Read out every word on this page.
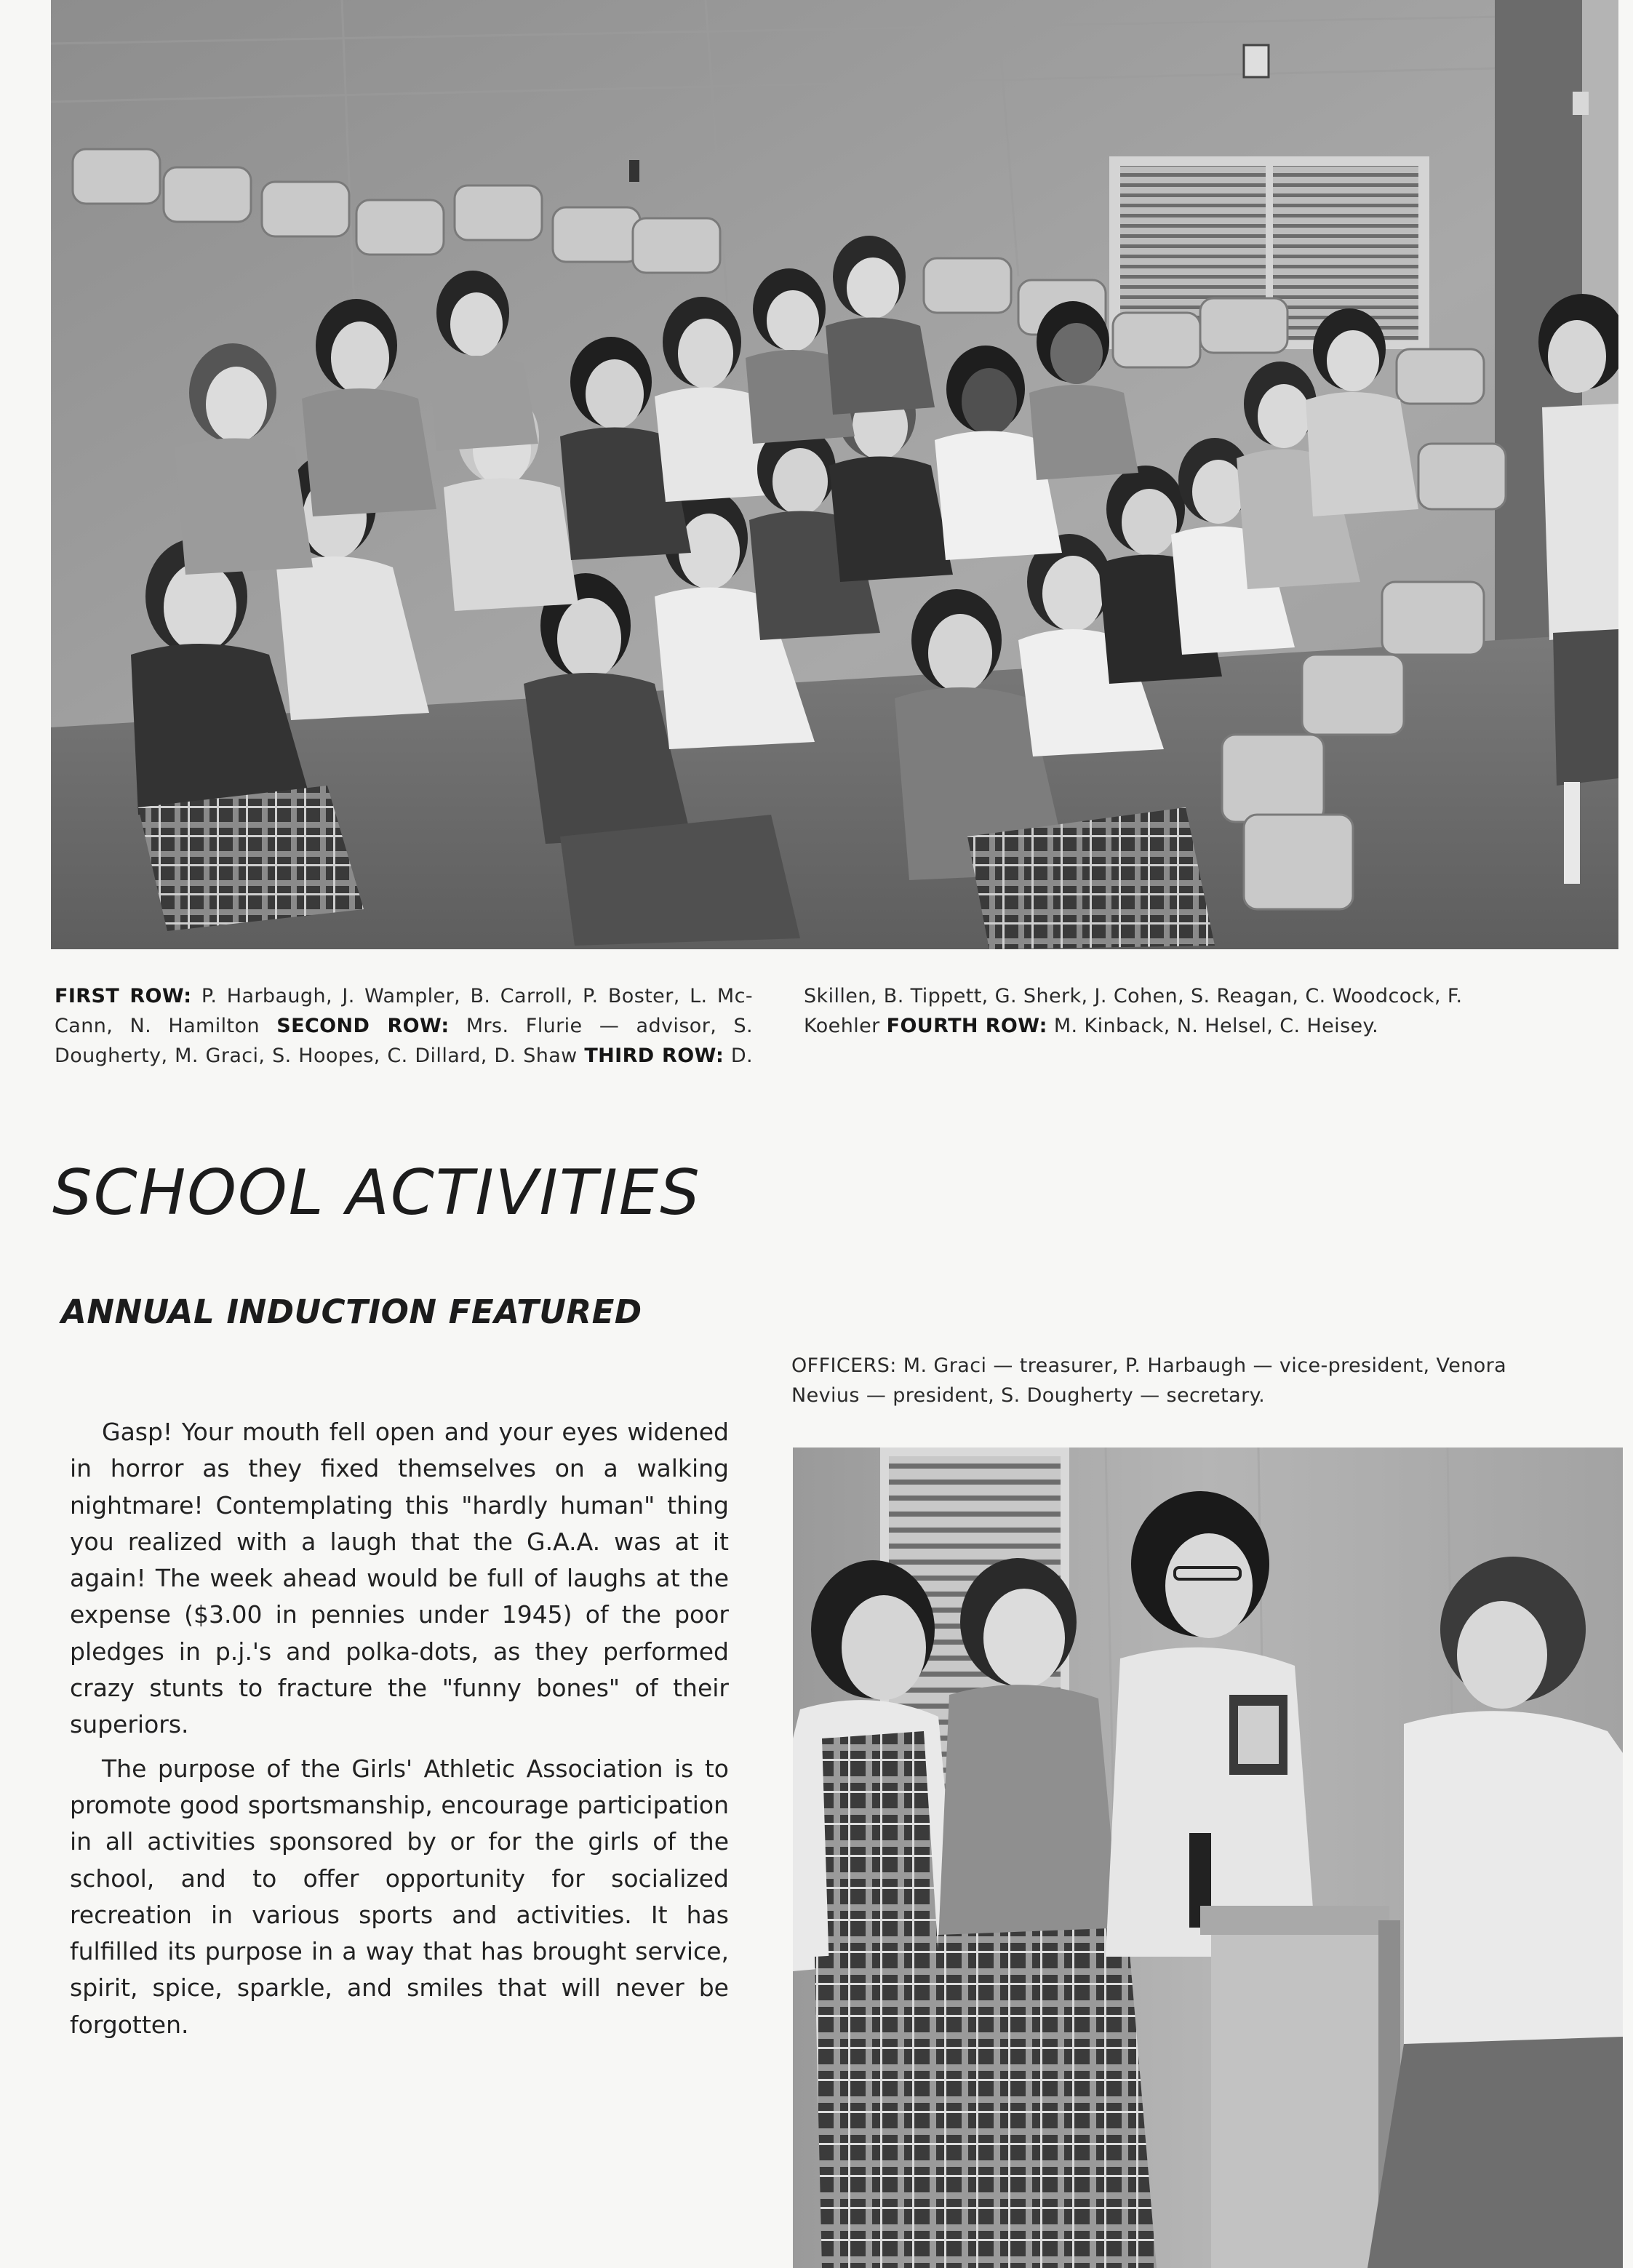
FIRST ROW: P. Harbaugh, J. Wampler, B. Carroll, P. Boster, L. Mc-Cann, N. Hamilton SECOND ROW: Mrs. Flurie — advisor, S. Dougherty, M. Graci, S. Hoopes, C. Dillard, D. Shaw THIRD ROW: D.
Skillen, B. Tippett, G. Sherk, J. Cohen, S. Reagan, C. Woodcock, F. Koehler FOURTH ROW: M. Kinback, N. Helsel, C. Heisey.
SCHOOL ACTIVITIES
ANNUAL INDUCTION FEATURED
OFFICERS: M. Graci — treasurer, P. Harbaugh — vice-president, Venora
Nevius — president, S. Dougherty — secretary.

Gasp! Your mouth fell open and your eyes widened in horror as they fixed themselves on a walking nightmare! Contemplating this "hardly human" thing you realized with a laugh that the G.A.A. was at it again! The week ahead would be full of laughs at the expense ($3.00 in pennies under 1945) of the poor pledges in p.j.'s and polka-dots, as they performed crazy stunts to fracture the "funny bones" of their superiors.

The purpose of the Girls' Athletic Association is to promote good sportsmanship, encourage participation in all activities sponsored by or for the girls of the school, and to offer opportunity for socialized recreation in various sports and activities. It has fulfilled its purpose in a way that has brought service, spirit, spice, sparkle, and smiles that will never be forgotten.
